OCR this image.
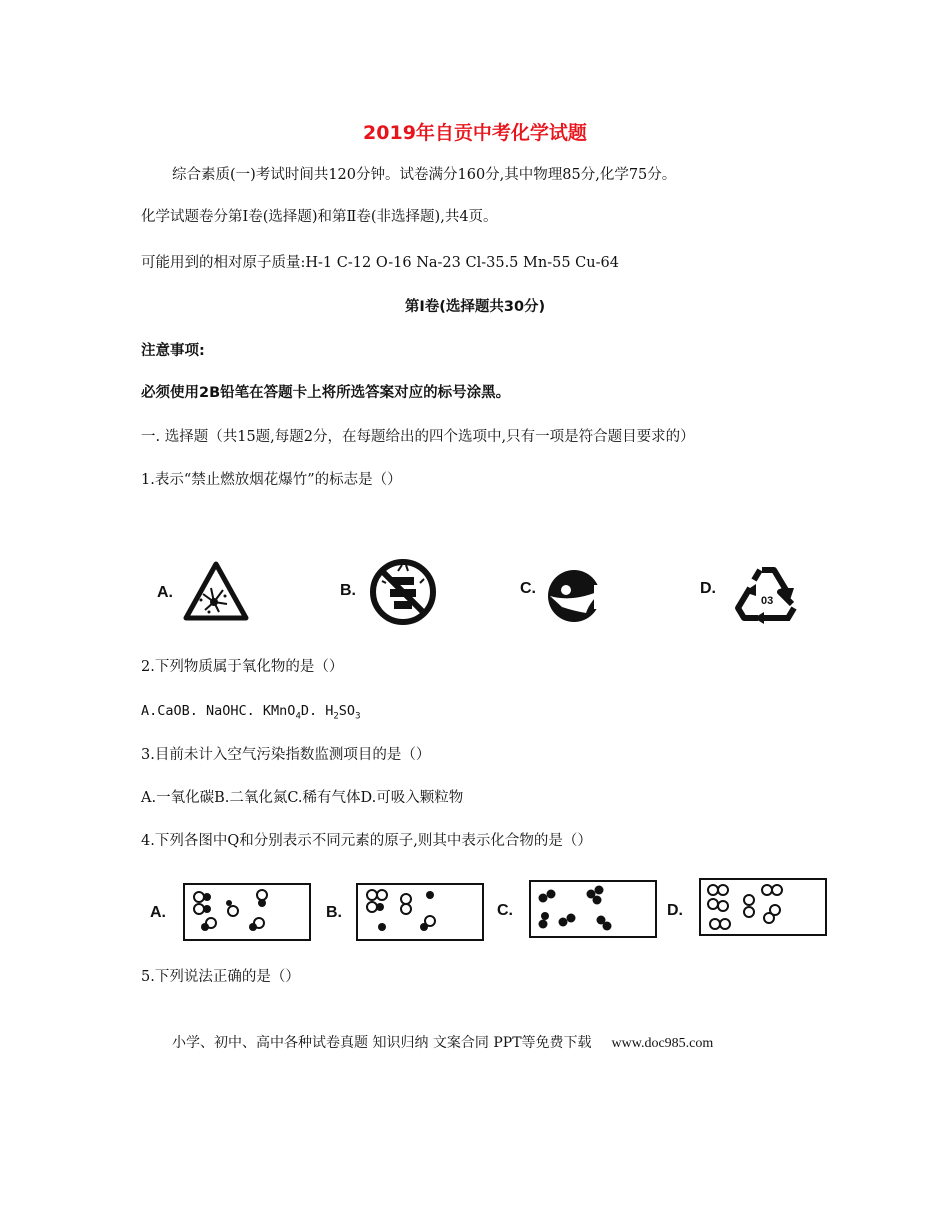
2019年自贡中考化学试题
综合素质(一)考试时间共120分钟。试卷满分160分,其中物理85分,化学75分。
化学试题卷分第Ⅰ卷(选择题)和第Ⅱ卷(非选择题),共4页。
可能用到的相对原子质量:H-1 C-12 O-16 Na-23 Cl-35.5 Mn-55 Cu-64
第Ⅰ卷(选择题共30分)
注意事项:
必须使用2B铅笔在答题卡上将所选答案对应的标号涂黑。
一. 选择题（共15题,每题2分，在每题给出的四个选项中,只有一项是符合题目要求的）
1.表示“禁止燃放烟花爆竹”的标志是（）
A.	B.	C.	D.
03
2.下列物质属于氧化物的是（）
A.CaOB. NaOHC. KMnO$_4$D. $H_2SO_3$
3.目前未计入空气污染指数监测项目的是（）
A.一氧化碳B.二氧化氮C.稀有气体D.可吸入颗粒物
4.下列各图中Q和分别表示不同元素的原子,则其中表示化合物的是（）
A.	B.	C.	D.
5.下列说法正确的是（）
小学、初中、高中各种试卷真题 知识归纳 文案合同 PPT等免费下载 www.doc985.com
